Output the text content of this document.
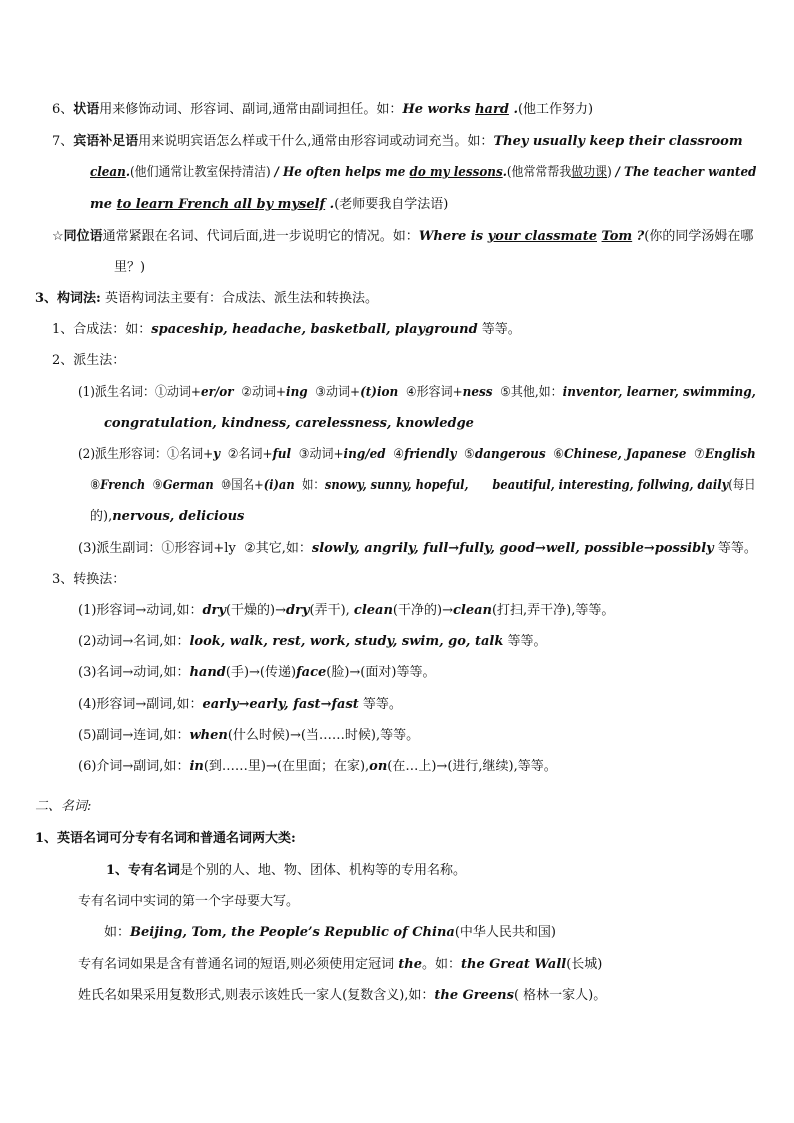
6、状语用来修饰动词、形容词、副词,通常由副词担任。如：He works hard .(他工作努力)
7、宾语补足语用来说明宾语怎么样或干什么,通常由形容词或动词充当。如：They usually keep their classroom
clean.(他们通常让教室保持清洁) / He often helps me do my lessons.(他常常帮我做功课) / The teacher wanted
me to learn French all by myself .(老师要我自学法语)
☆同位语通常紧跟在名词、代词后面,进一步说明它的情况。如：Where is your classmate Tom ?(你的同学汤姆在哪
里？)
3、构词法: 英语构词法主要有：合成法、派生法和转换法。
1、合成法：如：spaceship, headache, basketball, playground 等等。
2、派生法：
(1)派生名词：①动词+er/or  ②动词+ing  ③动词+(t)ion  ④形容词+ness  ⑤其他,如：inventor, learner, swimming,
congratulation, kindness, carelessness, knowledge
(2)派生形容词：①名词+y  ②名词+ful  ③动词+ing/ed  ④friendly  ⑤dangerous  ⑥Chinese, Japanese  ⑦English
⑧French  ⑨German  ⑩国名+(i)an  如：snowy, sunny, hopeful,      beautiful, interesting, follwing, daily(每日
的),nervous, delicious
(3)派生副词：①形容词+ly  ②其它,如：slowly, angrily, full→fully, good→well, possible→possibly 等等。
3、转换法：
(1)形容词→动词,如：dry(干燥的)→dry(弄干), clean(干净的)→clean(打扫,弄干净),等等。
(2)动词→名词,如：look, walk, rest, work, study, swim, go, talk 等等。
(3)名词→动词,如：hand(手)→(传递)face(脸)→(面对)等等。
(4)形容词→副词,如：early→early, fast→fast 等等。
(5)副词→连词,如：when(什么时候)→(当……时候),等等。
(6)介词→副词,如：in(到……里)→(在里面；在家),on(在…上)→(进行,继续),等等。
二、名词:
1、英语名词可分专有名词和普通名词两大类:
1、专有名词是个别的人、地、物、团体、机构等的专用名称。
专有名词中实词的第一个字母要大写。
如：Beijing, Tom, the People’s Republic of China(中华人民共和国)
专有名词如果是含有普通名词的短语,则必须使用定冠词 the。如：the Great Wall(长城)
姓氏名如果采用复数形式,则表示该姓氏一家人(复数含义),如：the Greens( 格林一家人)。
